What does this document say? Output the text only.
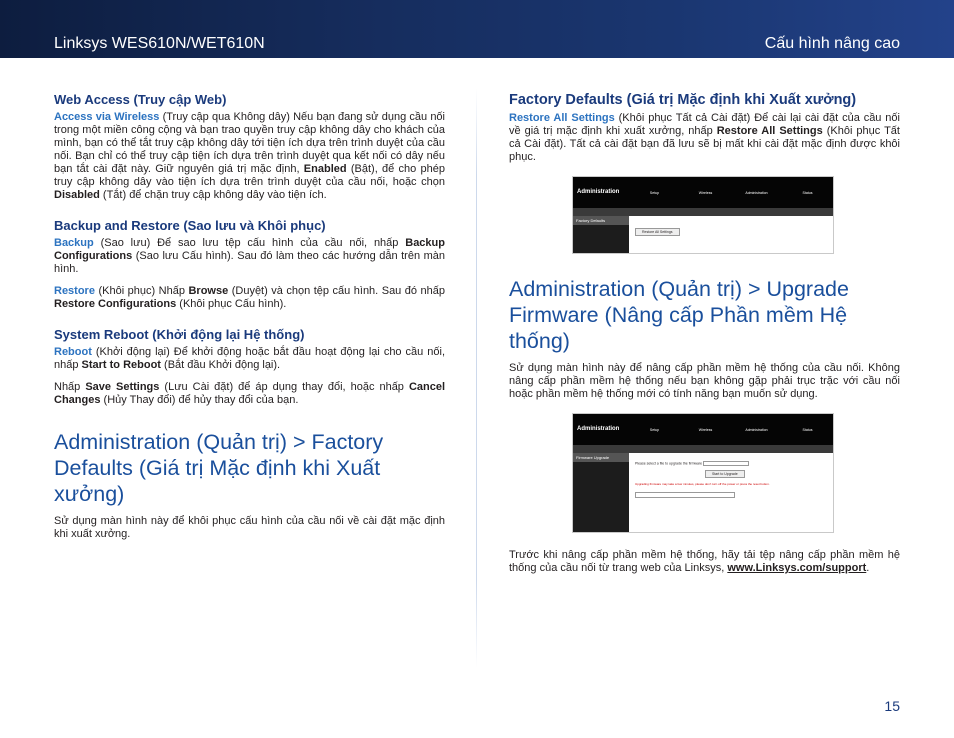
Linksys WES610N/WET610N	Cấu hình nâng cao
Web Access (Truy cập Web)

Access via Wireless (Truy cập qua Không dây) Nếu bạn đang sử dụng cầu nối trong một miền công cộng và bạn trao quyền truy cập không dây cho khách của mình, bạn có thể tắt truy cập không dây tới tiện ích dựa trên trình duyệt của cầu nối. Bạn chỉ có thể truy cập tiện ích dựa trên trình duyệt qua kết nối có dây nếu bạn tắt cài đặt này. Giữ nguyên giá trị mặc định, Enabled (Bật), để cho phép truy cập không dây vào tiện ích dựa trên trình duyệt của cầu nối, hoặc chọn Disabled (Tắt) để chặn truy cập không dây vào tiện ích.

Backup and Restore (Sao lưu và Khôi phục)

Backup (Sao lưu) Để sao lưu tệp cấu hình của cầu nối, nhấp Backup Configurations (Sao lưu Cấu hình). Sau đó làm theo các hướng dẫn trên màn hình.

Restore (Khôi phục) Nhấp Browse (Duyệt) và chọn tệp cấu hình. Sau đó nhấp Restore Configurations (Khôi phục Cấu hình).

System Reboot (Khởi động lại Hệ thống)

Reboot (Khởi động lại) Để khởi động hoặc bắt đầu hoạt động lại cho cầu nối, nhấp Start to Reboot (Bắt đầu Khởi động lại).

Nhấp Save Settings (Lưu Cài đặt) để áp dụng thay đổi, hoặc nhấp Cancel Changes (Hủy Thay đổi) để hủy thay đổi của bạn.

Administration (Quản trị) > Factory Defaults (Giá trị Mặc định khi Xuất xưởng)

Sử dụng màn hình này để khôi phục cấu hình của cầu nối về cài đặt mặc định khi xuất xưởng.

Factory Defaults (Giá trị Mặc định khi Xuất xưởng)

Restore All Settings (Khôi phục Tất cả Cài đặt) Để cài lại cài đặt của cầu nối về giá trị mặc định khi xuất xưởng, nhấp Restore All Settings (Khôi phục Tất cả Cài đặt). Tất cả cài đặt bạn đã lưu sẽ bị mất khi cài đặt mặc định được khôi phục.

Administration	Setup	Wireless	Administration	Status
Factory Defaults
Restore All Settings
Administration (Quản trị) > Upgrade Firmware (Nâng cấp Phần mềm Hệ thống)

Sử dụng màn hình này để nâng cấp phần mềm hệ thống của cầu nối. Không nâng cấp phần mềm hệ thống nếu bạn không gặp phải trục trặc với cầu nối hoặc phần mềm hệ thống mới có tính năng bạn muốn sử dụng.

Administration	Setup	Wireless	Administration	Status
Firmware Upgrade
Please select a file to upgrade the firmware
Start to Upgrade
Upgrading firmware may take a few minutes, please don't turn off the power or press the reset button.

Trước khi nâng cấp phần mềm hệ thống, hãy tải tệp nâng cấp phần mềm hệ thống của cầu nối từ trang web của Linksys, www.Linksys.com/support.

15
